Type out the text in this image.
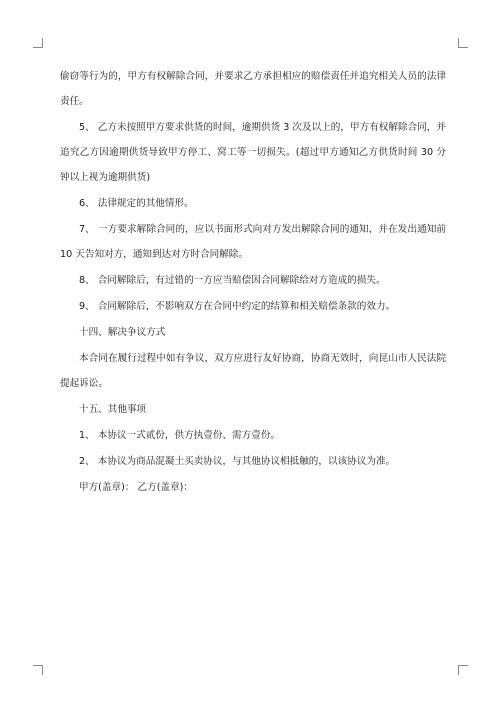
偷窃等行为的，甲方有权解除合同，并要求乙方承担相应的赔偿责任并追究相关人员的法律责任。

5、 乙方未按照甲方要求供货的时间，逾期供货 3 次及以上的，甲方有权解除合同，并追究乙方因逾期供货导致甲方停工、窝工等一切损失。(超过甲方通知乙方供货时间 30 分钟以上视为逾期供货)

6、 法律规定的其他情形。

7、 一方要求解除合同的，应以书面形式向对方发出解除合同的通知，并在发出通知前 10 天告知对方，通知到达对方时合同解除。

8、 合同解除后，有过错的一方应当赔偿因合同解除给对方造成的损失。

9、 合同解除后，不影响双方在合同中约定的结算和相关赔偿条款的效力。

十四、解决争议方式

本合同在履行过程中如有争议，双方应进行友好协商，协商无效时，向昆山市人民法院提起诉讼。

十五、其他事项

1、 本协议一式贰份，供方执壹份、需方壹份。

2、 本协议为商品混凝土买卖协议，与其他协议相抵触的，以该协议为准。

甲方(盖章)： 乙方(盖章)：
